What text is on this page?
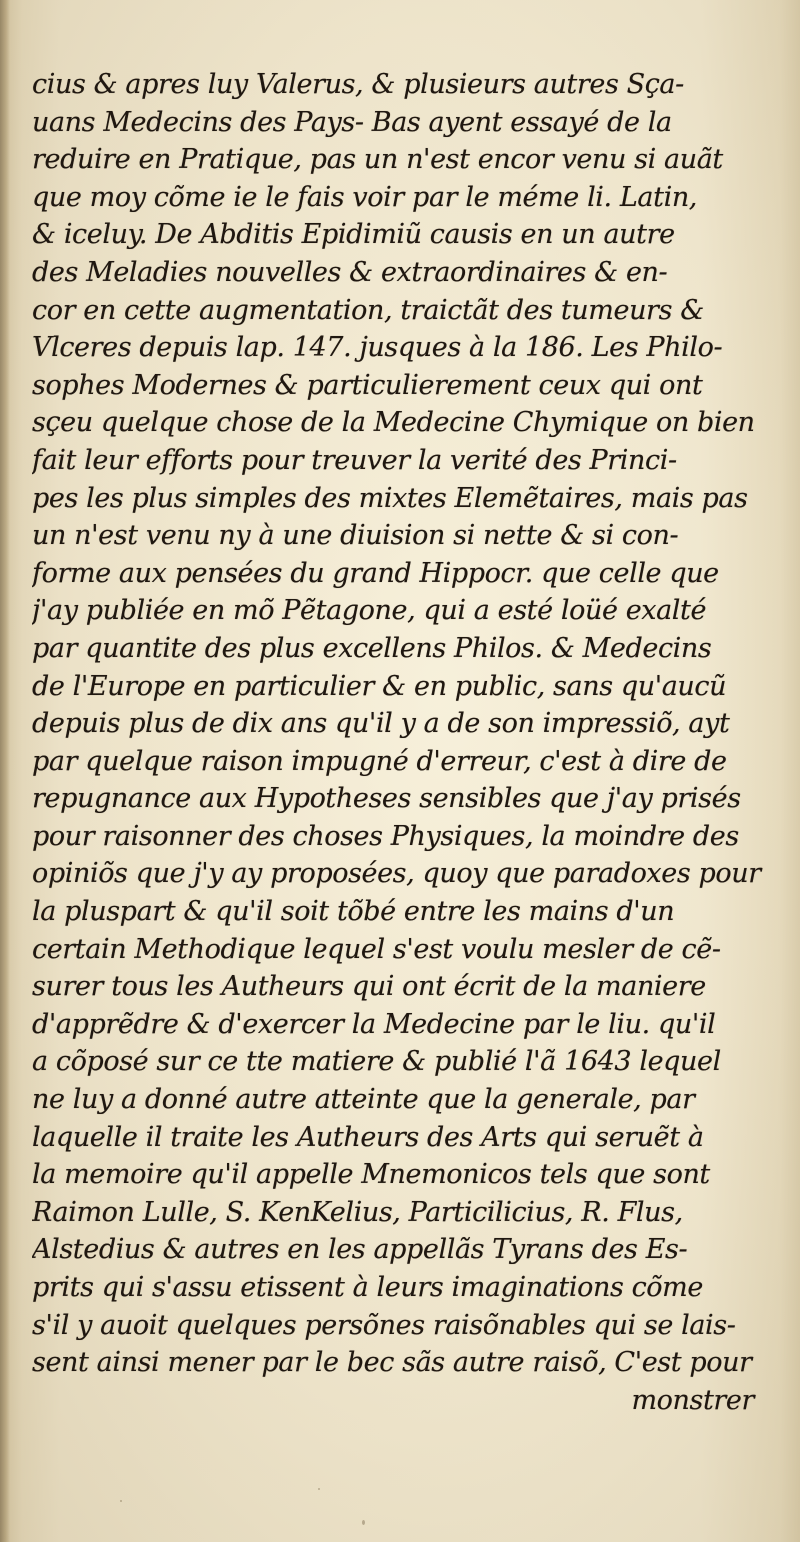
cius & apres luy Valerus, & plusieurs autres Sça-
uans Medecins des Pays- Bas ayent essayé de la
reduire en Pratique, pas un n'est encor venu si auãt
que moy cõme ie le fais voir par le méme li. Latin,
& iceluy. De Abditis Epidimiũ causis en un autre
des Meladies nouvelles & extraordinaires & en-
cor en cette augmentation, traictãt des tumeurs &
Vlceres depuis lap. 147. jusques à la 186. Les Philo-
sophes Modernes & particulierement ceux qui ont
sçeu quelque chose de la Medecine Chymique on bien
fait leur efforts pour treuver la verité des Princi-
pes les plus simples des mixtes Elemẽtaires, mais pas
un n'est venu ny à une diuision si nette & si con-
forme aux pensées du grand Hippocr. que celle que
j'ay publiée en mõ Pẽtagone, qui a esté loüé exalté
par quantite des plus excellens Philos. & Medecins
de l'Europe en particulier & en public, sans qu'aucũ
depuis plus de dix ans qu'il y a de son impressiõ, ayt
par quelque raison impugné d'erreur, c'est à dire de
repugnance aux Hypotheses sensibles que j'ay prisés
pour raisonner des choses Physiques, la moindre des
opiniõs que j'y ay proposées, quoy que paradoxes pour
la pluspart & qu'il soit tõbé entre les mains d'un
certain Methodique lequel s'est voulu mesler de cẽ-
surer tous les Autheurs qui ont écrit de la maniere
d'apprẽdre & d'exercer la Medecine par le liu. qu'il
a cõposé sur ce tte matiere & publié l'ã 1643 lequel
ne luy a donné autre atteinte que la generale, par
laquelle il traite les Autheurs des Arts qui seruẽt à
la memoire qu'il appelle Mnemonicos tels que sont
Raimon Lulle, S. KenKelius, Particilicius, R. Flus,
Alstedius & autres en les appellãs Tyrans des Es-
prits qui s'assu etissent à leurs imaginations cõme
s'il y auoit quelques persõnes raisõnables qui se lais-
sent ainsi mener par le bec sãs autre raisõ, C'est pour
monstrer
